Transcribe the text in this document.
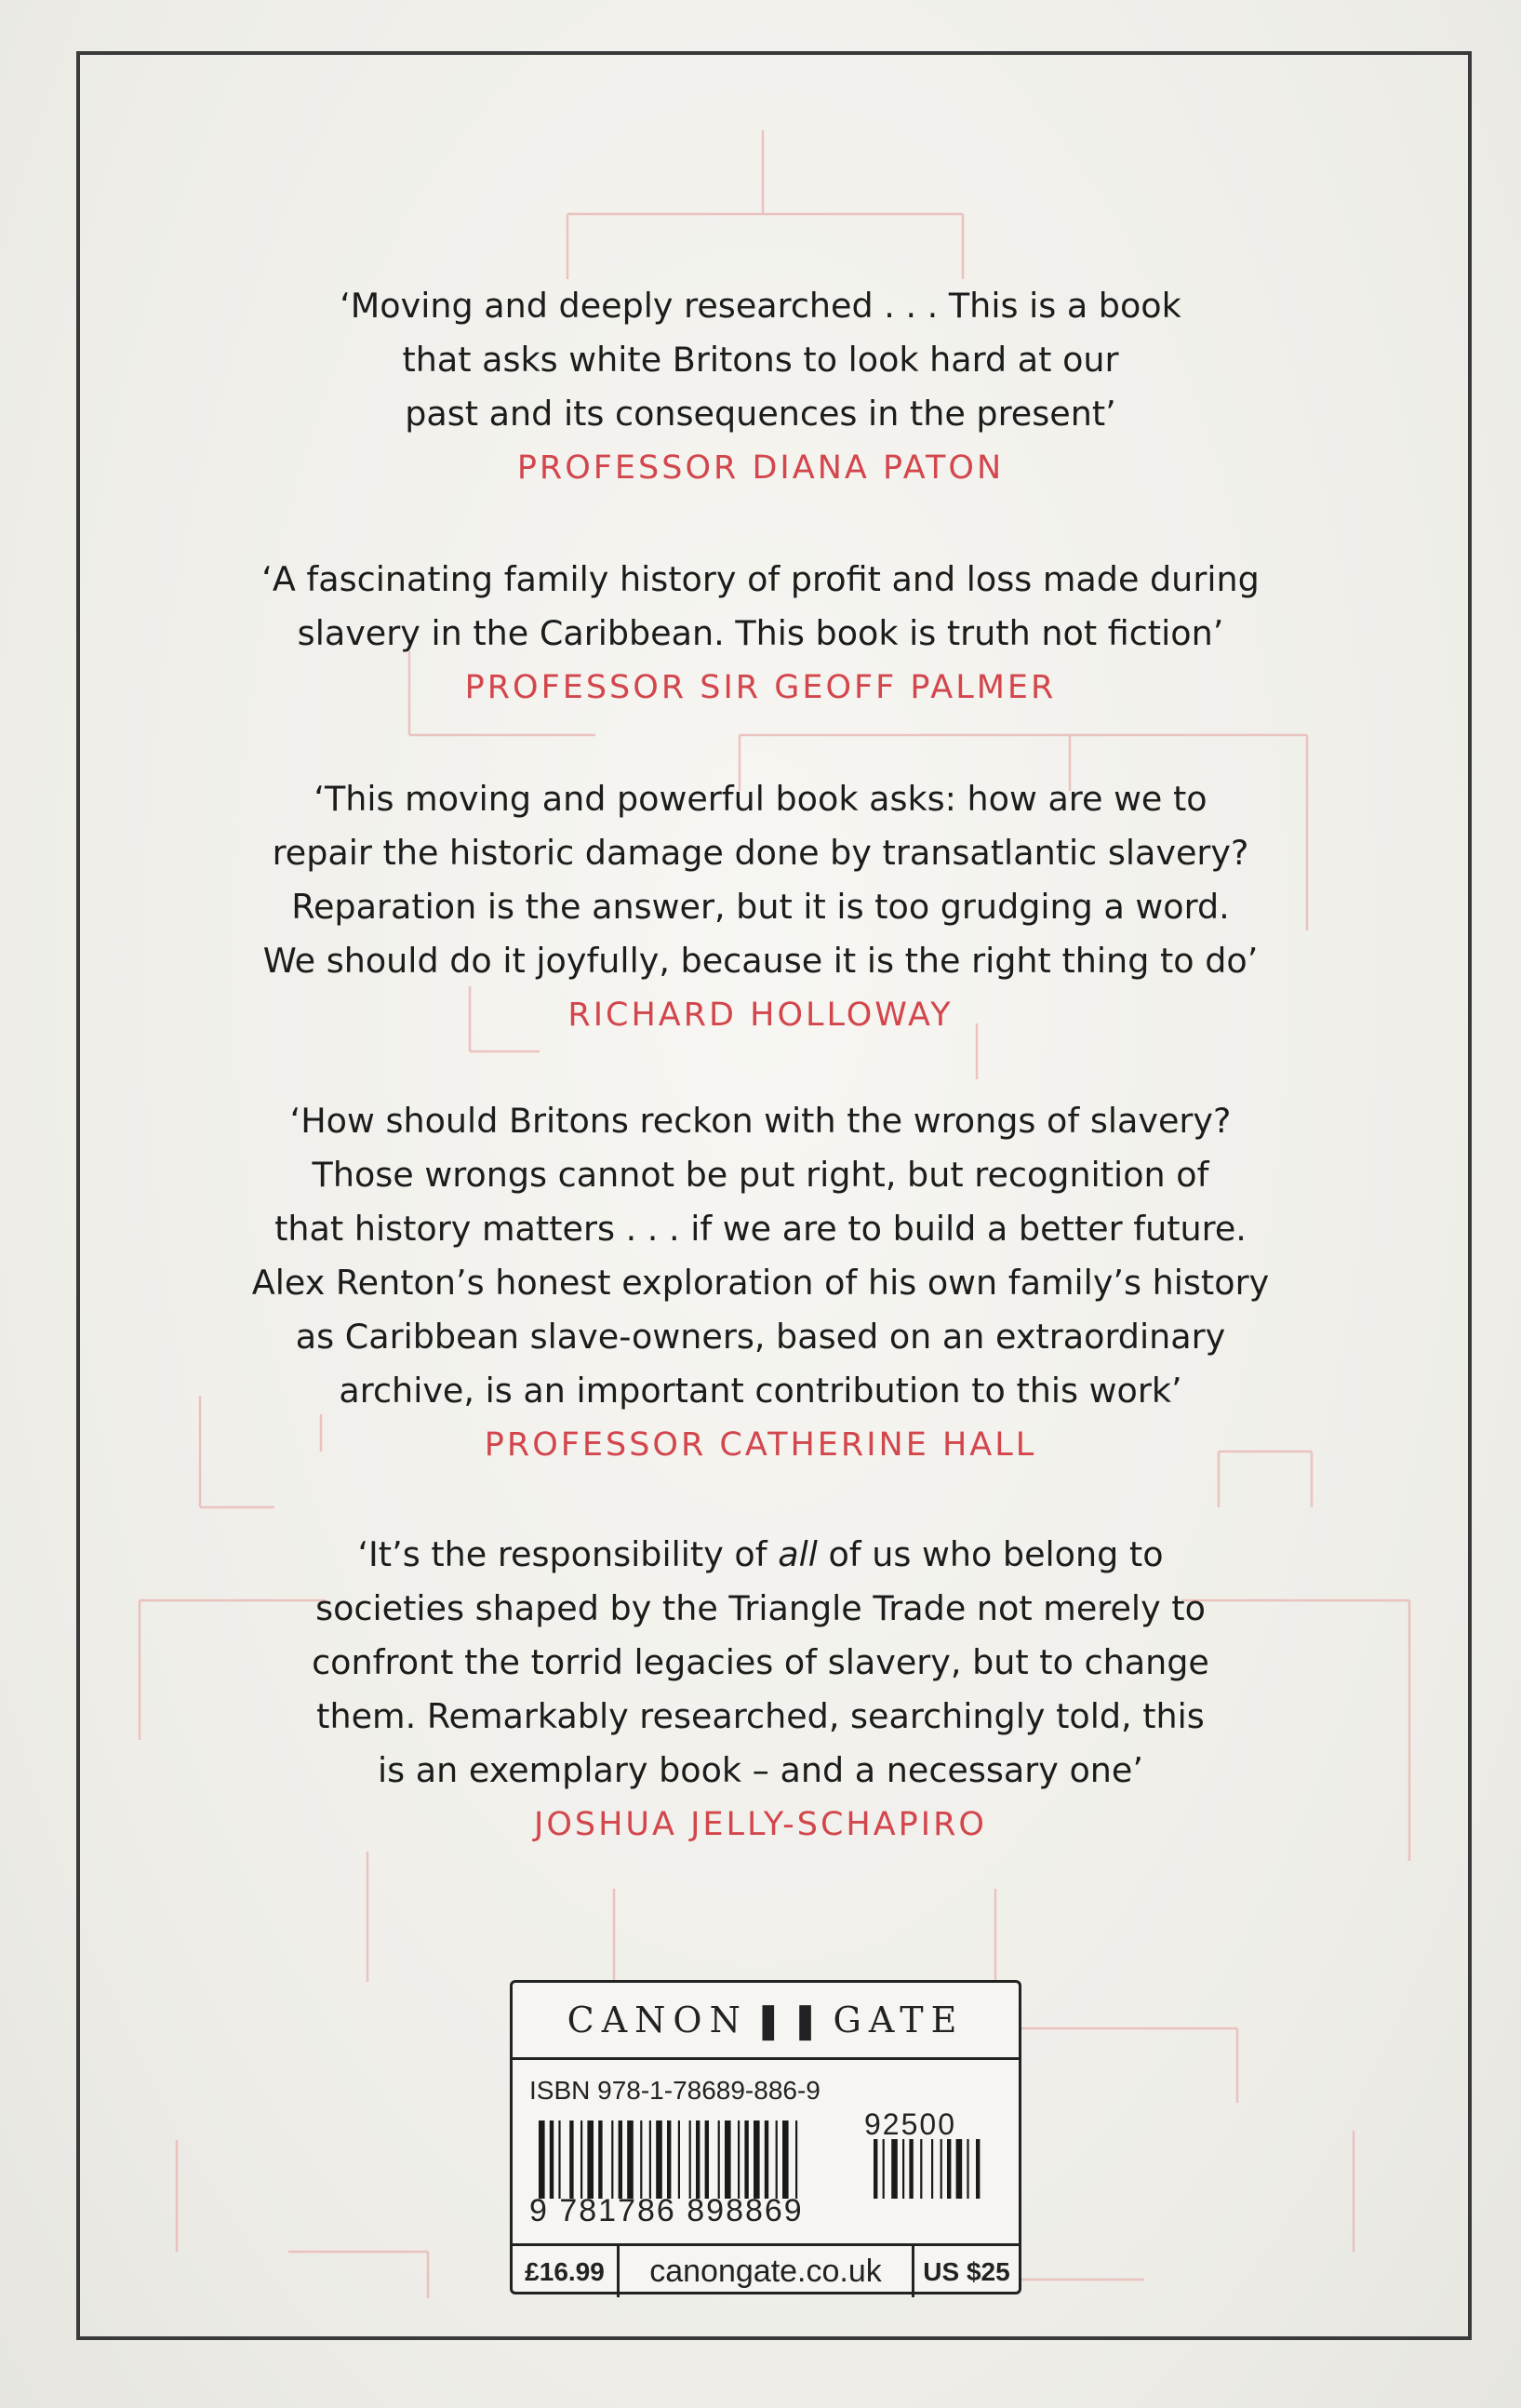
‘Moving and deeply researched . . . This is a book
that asks white Britons to look hard at our
past and its consequences in the present’
PROFESSOR DIANA PATON
‘A fascinating family history of profit and loss made during
slavery in the Caribbean. This book is truth not fiction’
PROFESSOR SIR GEOFF PALMER
‘This moving and powerful book asks: how are we to
repair the historic damage done by transatlantic slavery?
Reparation is the answer, but it is too grudging a word.
We should do it joyfully, because it is the right thing to do’
RICHARD HOLLOWAY
‘How should Britons reckon with the wrongs of slavery?
Those wrongs cannot be put right, but recognition of
that history matters . . . if we are to build a better future.
Alex Renton’s honest exploration of his own family’s history
as Caribbean slave-owners, based on an extraordinary
archive, is an important contribution to this work’
PROFESSOR CATHERINE HALL
‘It’s the responsibility of all of us who belong to
societies shaped by the Triangle Trade not merely to
confront the torrid legacies of slavery, but to change
them. Remarkably researched, searchingly told, this
is an exemplary book – and a necessary one’
JOSHUA JELLY-SCHAPIRO
CANON ❚❚ GATE
ISBN 978-1-78689-886-9
92500
9 781786 898869
£16.99	canongate.co.uk	US $25
